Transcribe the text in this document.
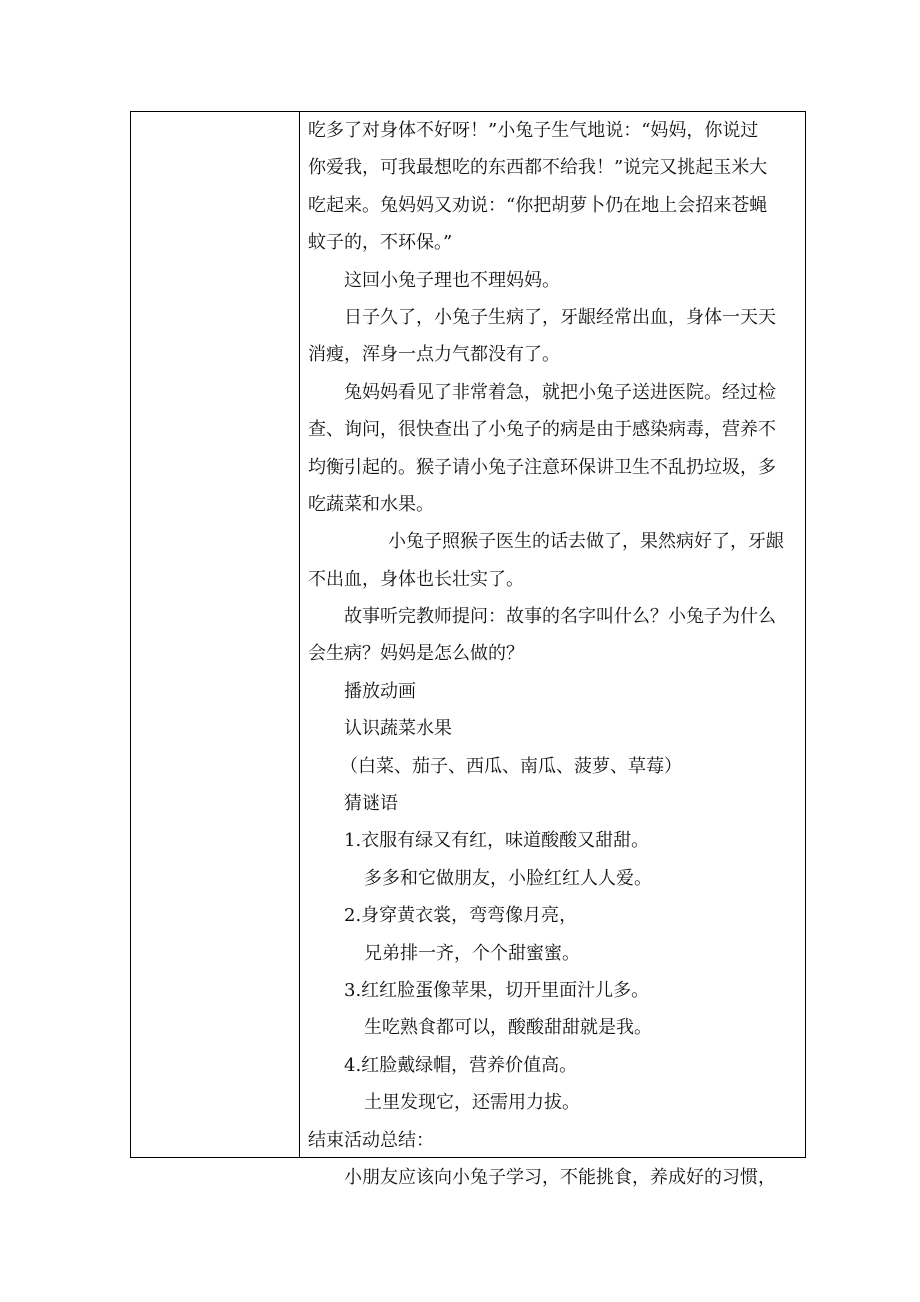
吃多了对身体不好呀！”小兔子生气地说：“妈妈，你说过
你爱我，可我最想吃的东西都不给我！”说完又挑起玉米大
吃起来。兔妈妈又劝说：“你把胡萝卜仍在地上会招来苍蝇
蚊子的，不环保。”
这回小兔子理也不理妈妈。
日子久了，小兔子生病了，牙龈经常出血，身体一天天
消瘦，浑身一点力气都没有了。
兔妈妈看见了非常着急，就把小兔子送进医院。经过检
查、询问，很快查出了小兔子的病是由于感染病毒，营养不
均衡引起的。猴子请小兔子注意环保讲卫生不乱扔垃圾，多
吃蔬菜和水果。
小兔子照猴子医生的话去做了，果然病好了，牙龈
不出血，身体也长壮实了。
故事听完教师提问：故事的名字叫什么？小兔子为什么
会生病？妈妈是怎么做的？
播放动画
认识蔬菜水果
（白菜、茄子、西瓜、南瓜、菠萝、草莓）
猜谜语
1.衣服有绿又有红，味道酸酸又甜甜。
多多和它做朋友，小脸红红人人爱。
2.身穿黄衣裳，弯弯像月亮，
兄弟排一齐，个个甜蜜蜜。
3.红红脸蛋像苹果，切开里面汁儿多。
生吃熟食都可以，酸酸甜甜就是我。
4.红脸戴绿帽，营养价值高。
土里发现它，还需用力拔。
结束活动总结：
小朋友应该向小兔子学习，不能挑食，养成好的习惯，
